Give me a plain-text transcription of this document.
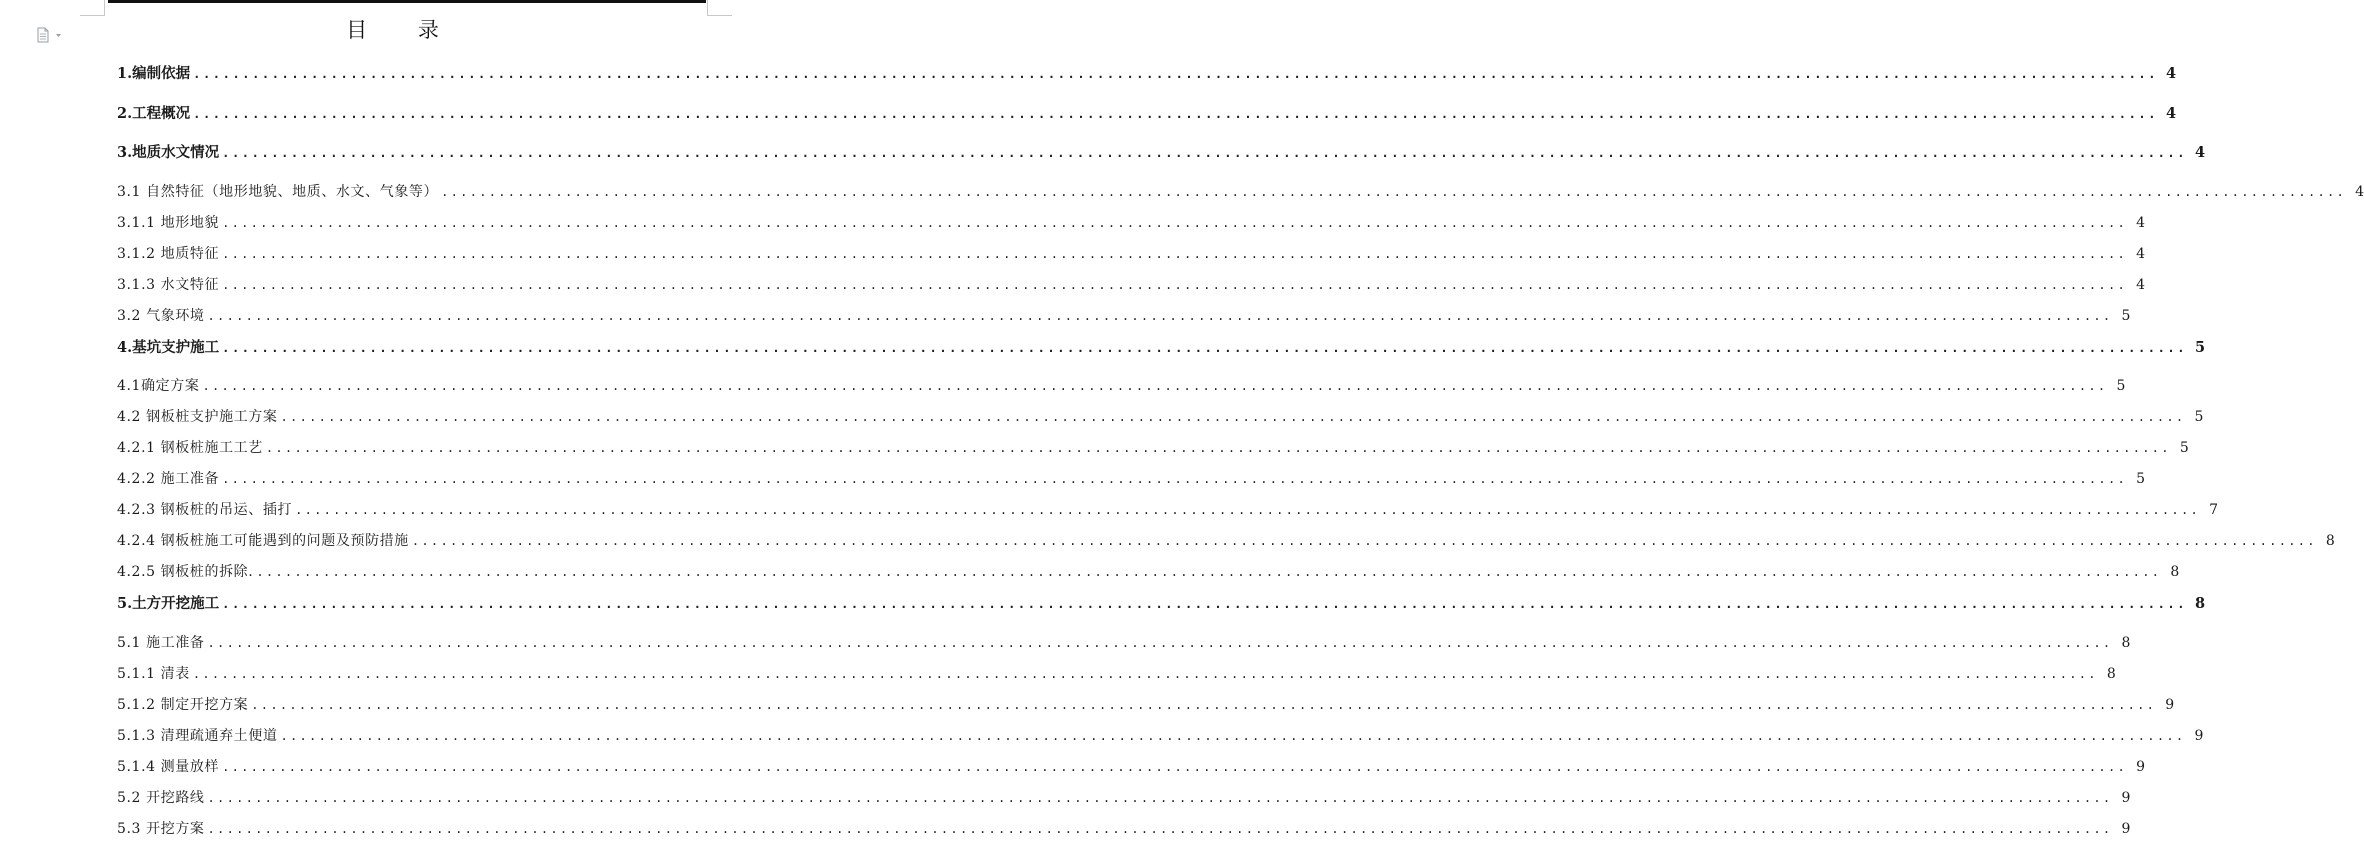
目 录
1.编制依据 ........................................................................................................................................................................................................ 4
2.工程概况 ........................................................................................................................................................................................................ 4
3.地质水文情况 ........................................................................................................................................................................................................ 4
3.1 自然特征（地形地貌、地质、水文、气象等） ........................................................................................................................................................................................................ 4
3.1.1 地形地貌 ........................................................................................................................................................................................................ 4
3.1.2 地质特征 ........................................................................................................................................................................................................ 4
3.1.3 水文特征 ........................................................................................................................................................................................................ 4
3.2 气象环境 ........................................................................................................................................................................................................ 5
4.基坑支护施工 ........................................................................................................................................................................................................ 5
4.1确定方案 ........................................................................................................................................................................................................ 5
4.2 钢板桩支护施工方案 ........................................................................................................................................................................................................ 5
4.2.1 钢板桩施工工艺 ........................................................................................................................................................................................................ 5
4.2.2 施工准备 ........................................................................................................................................................................................................ 5
4.2.3 钢板桩的吊运、插打 ........................................................................................................................................................................................................ 7
4.2.4 钢板桩施工可能遇到的问题及预防措施 ........................................................................................................................................................................................................ 8
4.2.5 钢板桩的拆除. ........................................................................................................................................................................................................ 8
5.土方开挖施工 ........................................................................................................................................................................................................ 8
5.1 施工准备 ........................................................................................................................................................................................................ 8
5.1.1 清表 ........................................................................................................................................................................................................ 8
5.1.2 制定开挖方案 ........................................................................................................................................................................................................ 9
5.1.3 清理疏通弃土便道 ........................................................................................................................................................................................................ 9
5.1.4 测量放样 ........................................................................................................................................................................................................ 9
5.2 开挖路线 ........................................................................................................................................................................................................ 9
5.3 开挖方案 ........................................................................................................................................................................................................ 9
